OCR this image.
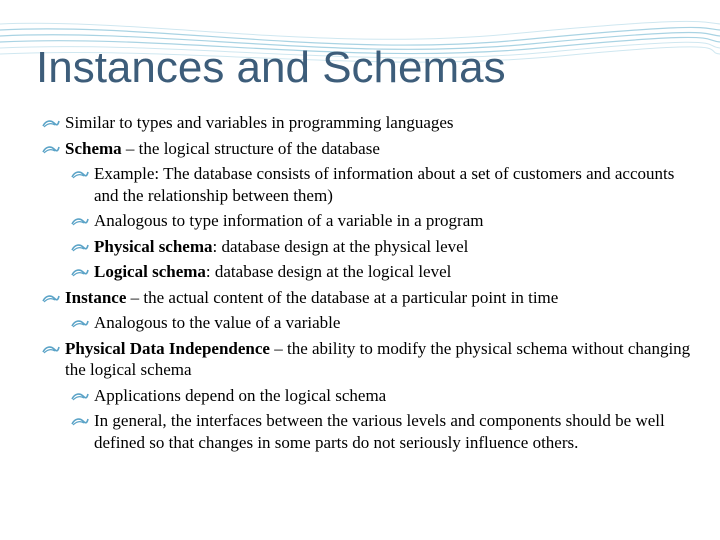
Instances and Schemas
Similar to types and variables in programming languages
Schema – the logical structure of the database
Example: The database consists of information about a set of customers and accounts and the relationship between them)
Analogous to type information of a variable in a program
Physical schema: database design at the physical level
Logical schema: database design at the logical level
Instance – the actual content of the database at a particular point in time
Analogous to the value of a variable
Physical Data Independence – the ability to modify the physical schema without changing the logical schema
Applications depend on the logical schema
In general, the interfaces between the various levels and components should be well defined so that changes in some parts do not seriously influence others.
